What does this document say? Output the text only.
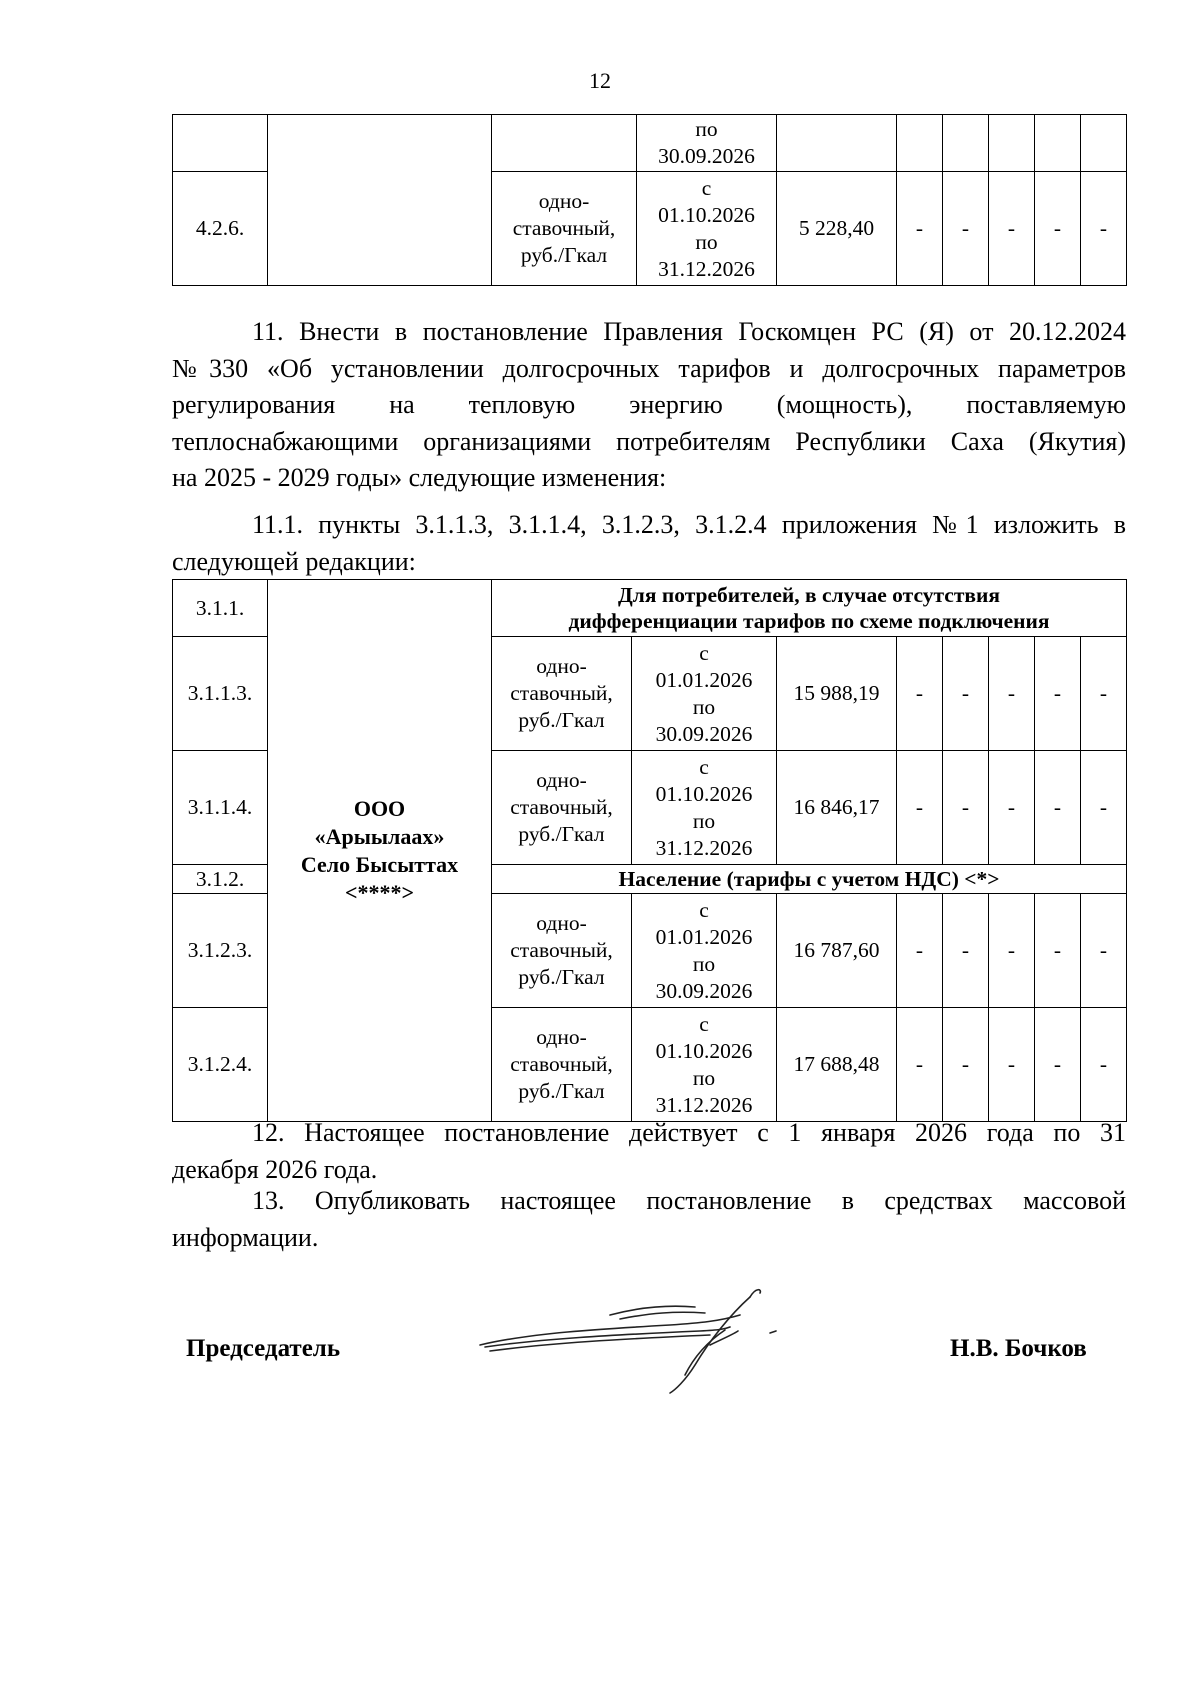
12
			по
30.09.2026						
4.2.6.		одно-
ставочный,
руб./Гкал	с
01.10.2026
по
31.12.2026	5 228,40	-	-	-	-	-
11. Внести в постановление Правления Госкомцен РС (Я) от 20.12.2024
№330 «Об установлении долгосрочных тарифов и долгосрочных параметров
регулирования на тепловую энергию (мощность), поставляемую
теплоснабжающими организациями потребителям Республики Саха (Якутия)
на 2025 - 2029 годы» следующие изменения:
11.1. пункты 3.1.1.3, 3.1.1.4, 3.1.2.3, 3.1.2.4 приложения №1 изложить в
следующей редакции:
3.1.1.	ООО
«Арыылаах»
Село Бысыттах
<****>	Для потребителей, в случае отсутствия
дифференциации тарифов по схеме подключения							
3.1.1.3.		одно-
ставочный,
руб./Гкал	с
01.01.2026
по
30.09.2026	15 988,19	-	-	-	-	-
3.1.1.4.		одно-
ставочный,
руб./Гкал	с
01.10.2026
по
31.12.2026	16 846,17	-	-	-	-	-
3.1.2.		Население (тарифы с учетом НДС) <*>							
3.1.2.3.		одно-
ставочный,
руб./Гкал	с
01.01.2026
по
30.09.2026	16 787,60	-	-	-	-	-
3.1.2.4.		одно-
ставочный,
руб./Гкал	с
01.10.2026
по
31.12.2026	17 688,48	-	-	-	-	-
12. Настоящее постановление действует с 1 января 2026 года по 31
декабря 2026 года.
13. Опубликовать настоящее постановление в средствах массовой
информации.
Председатель	Н.В. Бочков
